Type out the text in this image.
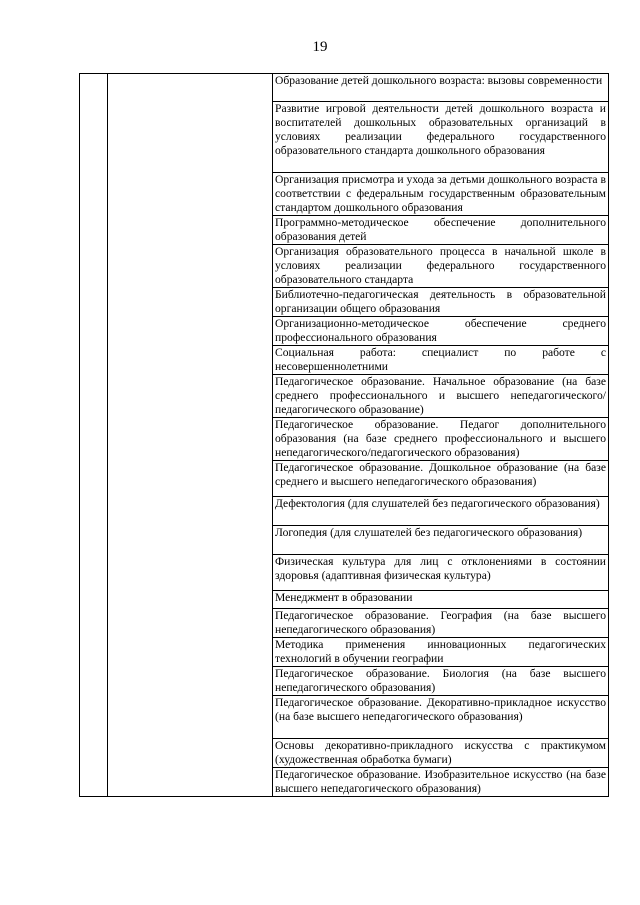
19
		Образование детей дошкольного возраста: вызовы современности
Развитие игровой деятельности детей дошкольного возраста и воспитателей дошкольных образовательных организаций в условиях реализации федерального государственного образовательного стандарта дошкольного образования
Организация присмотра и ухода за детьми дошкольного возраста в соответствии с федеральным государственным образовательным стандартом дошкольного образования
Программно-методическое обеспечение дополнительного образования детей
Организация образовательного процесса в начальной школе в условиях реализации федерального государственного образовательного стандарта
Библиотечно-педагогическая деятельность в образовательной организации общего образования
Организационно-методическое обеспечение среднего профессионального образования
Социальная работа: специалист по работе с несовершеннолетними
Педагогическое образование. Начальное образование (на базе среднего профессионального и высшего непедагогического/педагогического образование)
Педагогическое образование. Педагог дополнительного образования (на базе среднего профессионального и высшего непедагогического/педагогического образования)
Педагогическое образование. Дошкольное образование (на базе среднего и высшего непедагогического образования)
Дефектология (для слушателей без педагогического образования)
Логопедия (для слушателей без педагогического образования)
Физическая культура для лиц с отклонениями в состоянии здоровья (адаптивная физическая культура)
Менеджмент в образовании
Педагогическое образование. География (на базе высшего непедагогического образования)
Методика применения инновационных педагогических технологий в обучении географии
Педагогическое образование. Биология (на базе высшего непедагогического образования)
Педагогическое образование. Декоративно-прикладное искусство (на базе высшего непедагогического образования)
Основы декоративно-прикладного искусства с практикумом (художественная обработка бумаги)
Педагогическое образование. Изобразительное искусство (на базе высшего непедагогического образования)
